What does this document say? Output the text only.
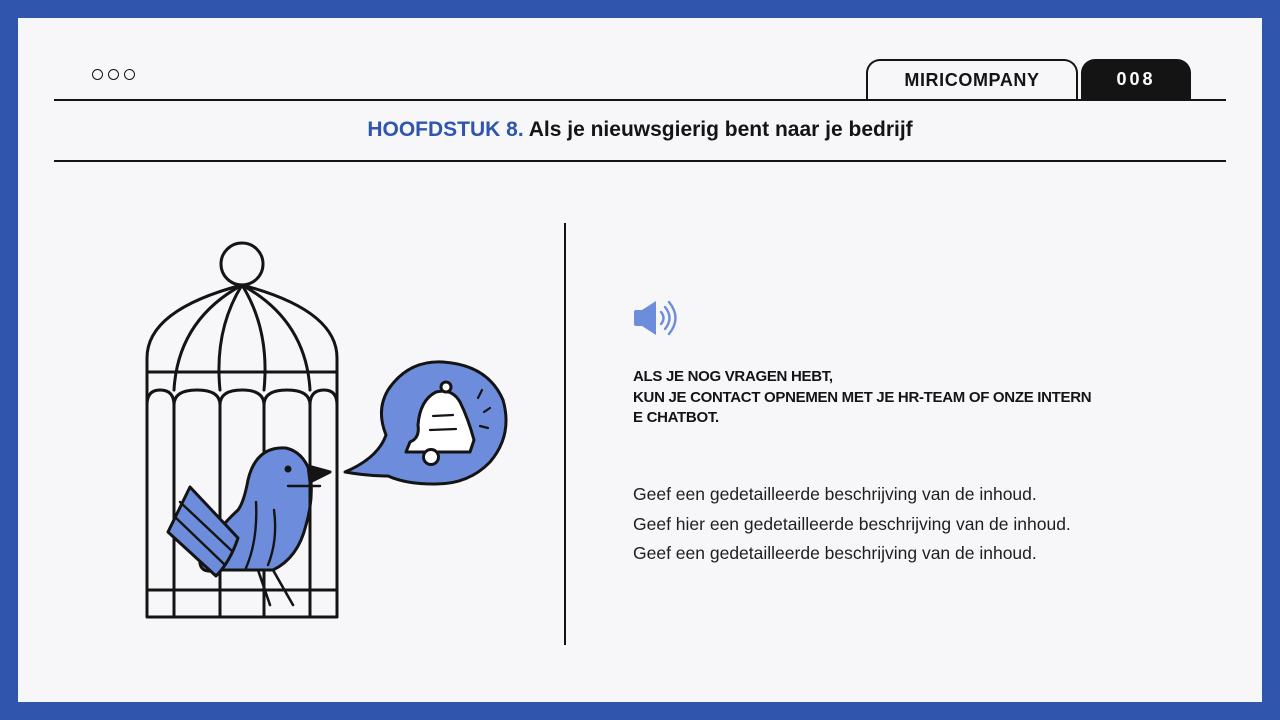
MIRICOMPANY	008
HOOFDSTUK 8. Als je nieuwsgierig bent naar je bedrijf
ALS JE NOG VRAGEN HEBT,
KUN JE CONTACT OPNEMEN MET JE HR-TEAM OF ONZE INTERN
E CHATBOT.
Geef een gedetailleerde beschrijving van de inhoud.
Geef hier een gedetailleerde beschrijving van de inhoud.
Geef een gedetailleerde beschrijving van de inhoud.
